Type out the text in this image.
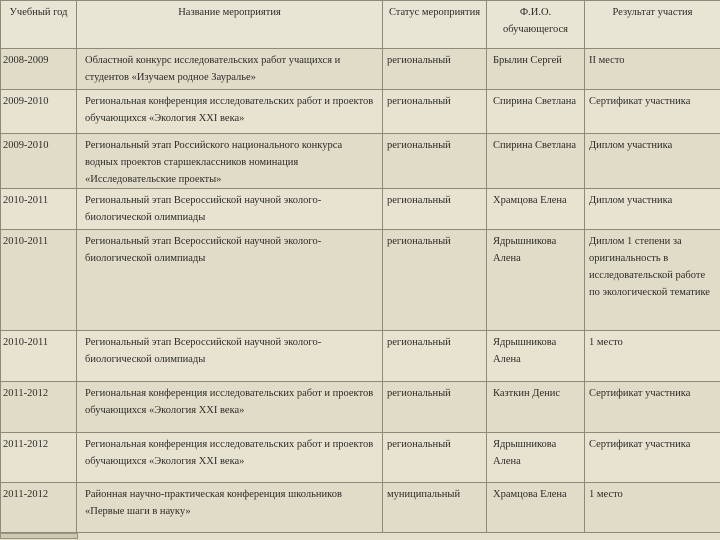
Учебный год	Название мероприятия	Статус мероприятия	Ф.И.О. обучающегося	Результат участия
2008-2009	Областной конкурс исследовательских работ учащихся и студентов «Изучаем родное Зауралье»	региональный	Брылин Сергей	II место
2009-2010	Региональная конференция исследовательских работ и проектов обучающихся «Экология XXI века»	региональный	Спирина Светлана	Сертификат участника
2009-2010	Региональный этап Российского национального конкурса водных проектов старшеклассников номинация «Исследовательские проекты»	региональный	Спирина Светлана	Диплом участника
2010-2011	Региональный этап Всероссийской научной эколого-биологической олимпиады	региональный	Храмцова Елена	Диплом участника
2010-2011	Региональный этап Всероссийской научной эколого-биологической олимпиады	региональный	Ядрышникова Алена	Диплом 1 степени за оригинальность в исследовательской работе по экологической тематике
2010-2011	Региональный этап Всероссийской научной эколого-биологической олимпиады	региональный	Ядрышникова Алена	1 место
2011-2012	Региональная конференция исследовательских работ и проектов обучающихся «Экология XXI века»	региональный	Казткин Денис	Сертификат участника
2011-2012	Региональная конференция исследовательских работ и проектов обучающихся «Экология XXI века»	региональный	Ядрышникова Алена	Сертификат участника
2011-2012	Районная научно-практическая конференция школьников «Первые шаги в науку»	муниципальный	Храмцова Елена	1 место
